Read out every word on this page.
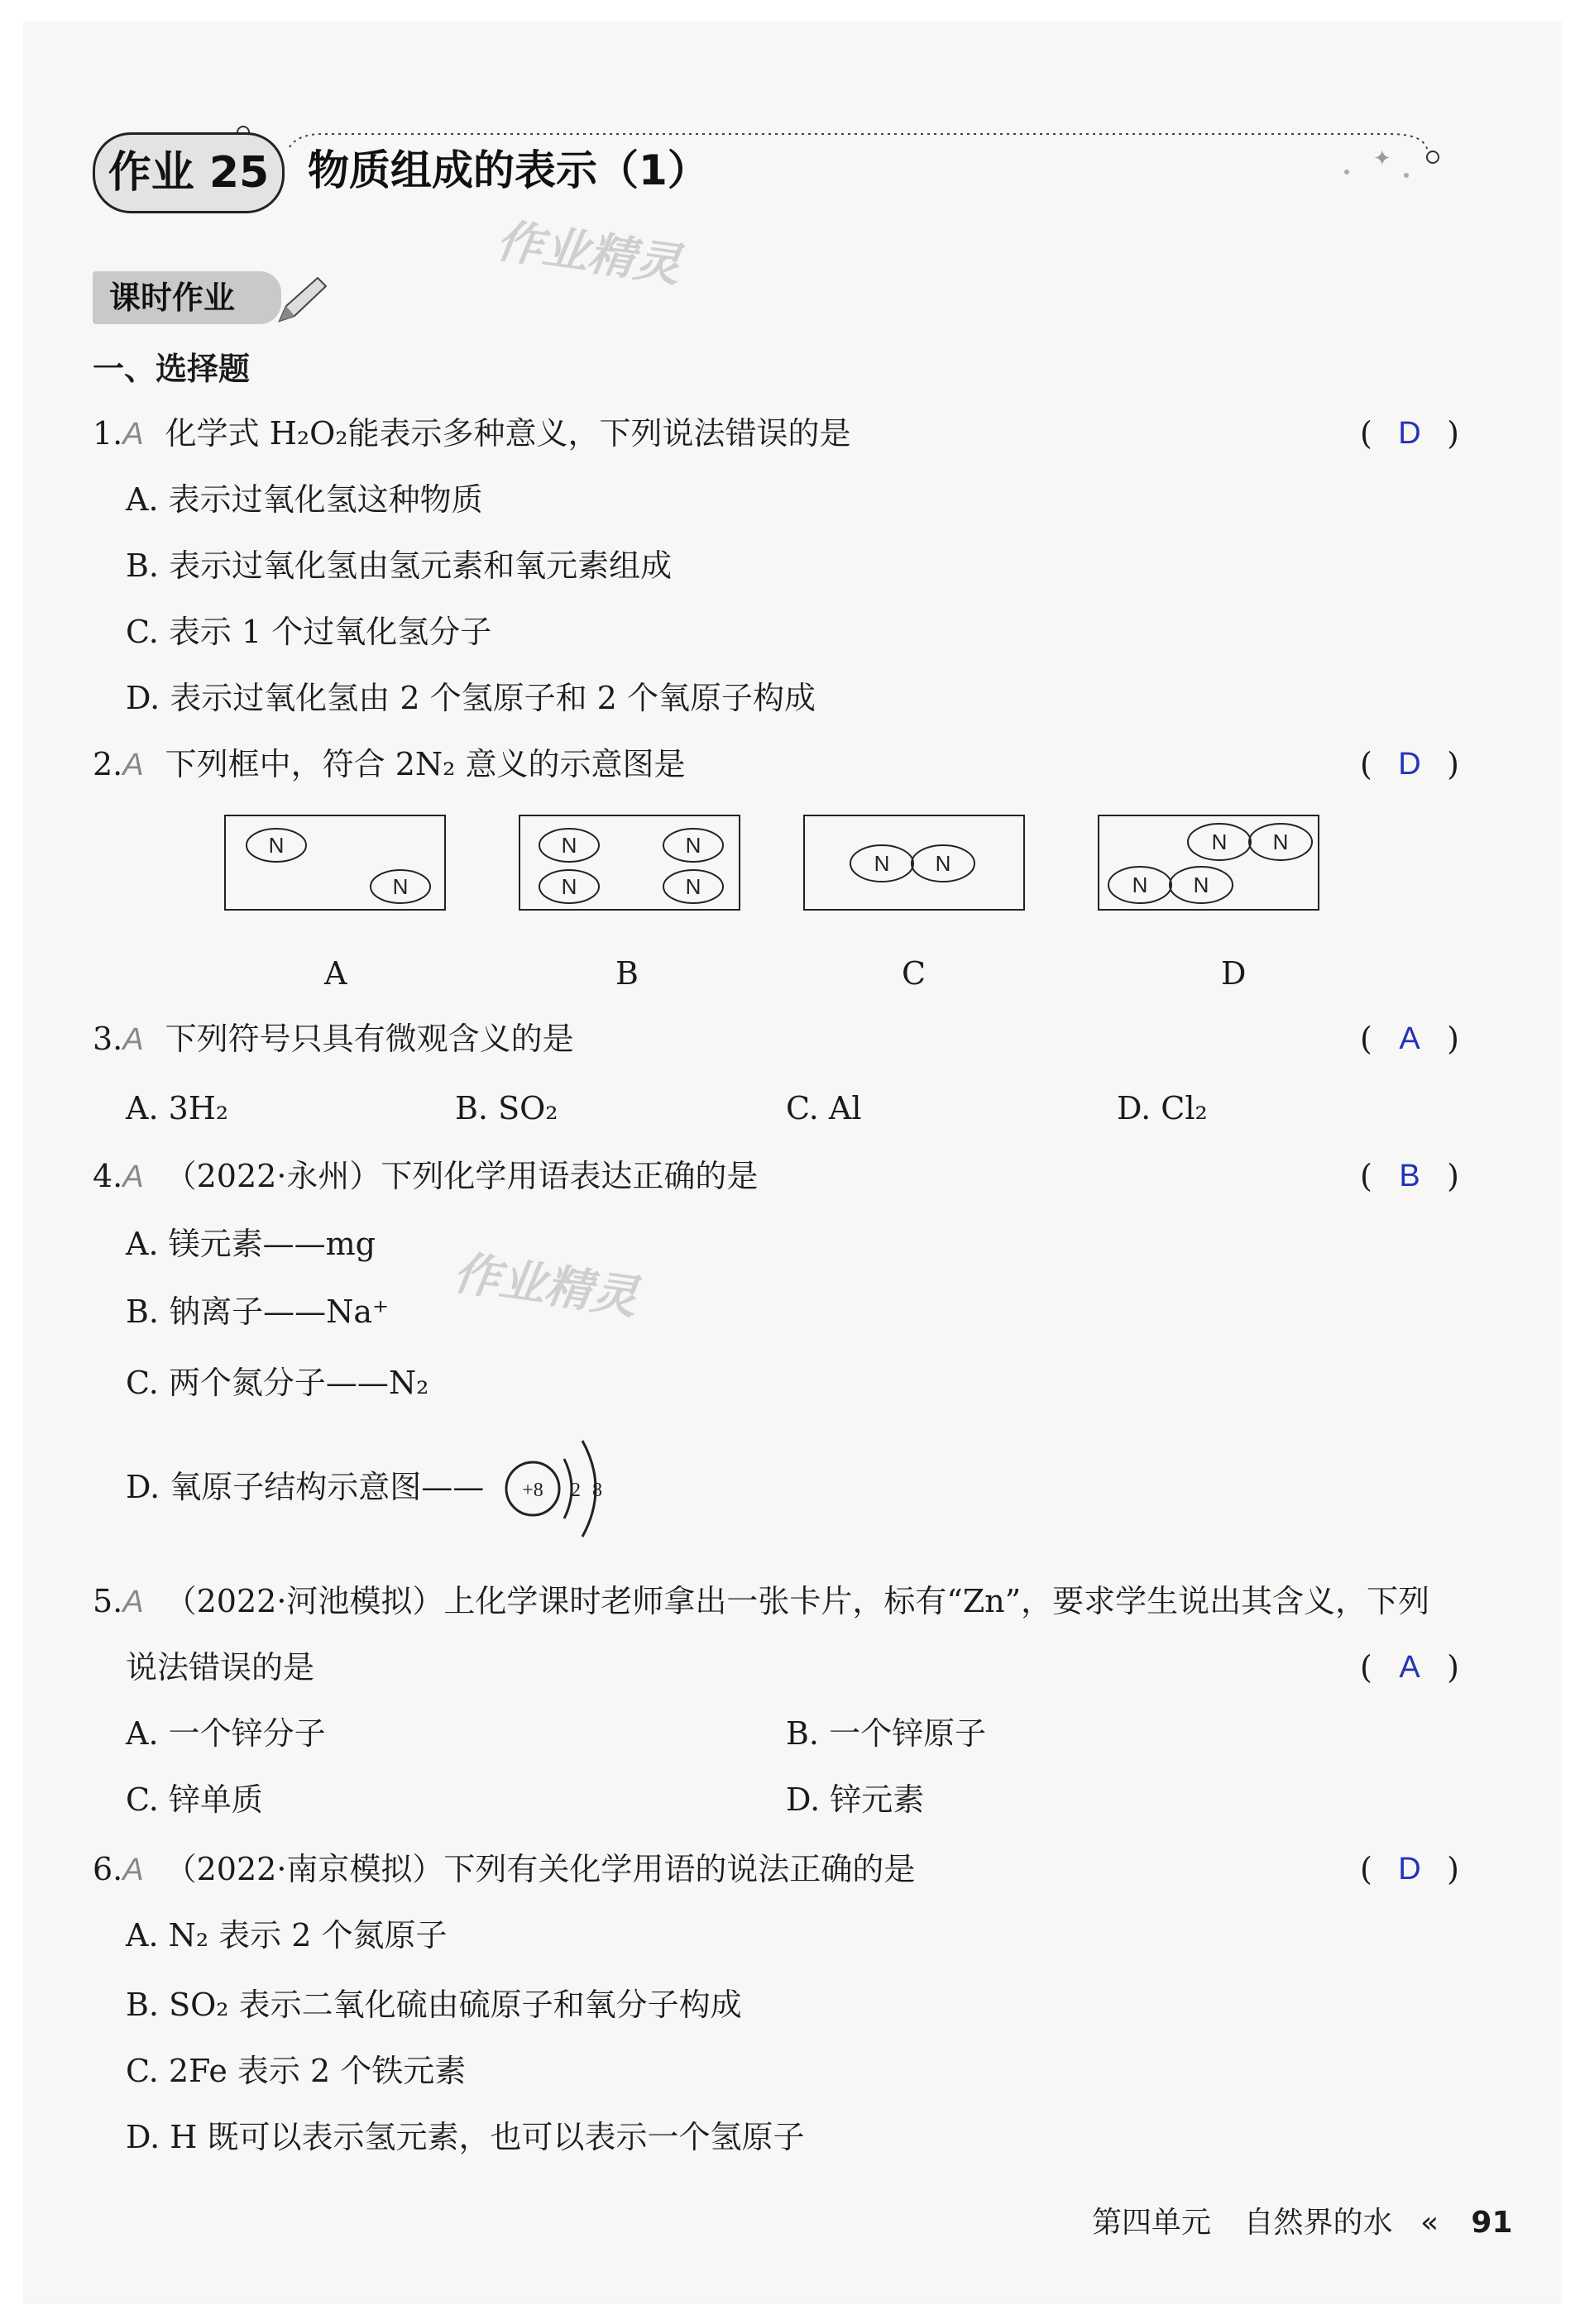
✦
作业 25 物质组成的表示（1）
作业精灵
课时作业
一、选择题
1.A 化学式 H₂O₂能表示多种意义，下列说法错误的是	( D )
A. 表示过氧化氢这种物质
B. 表示过氧化氢由氢元素和氧元素组成
C. 表示 1 个过氧化氢分子
D. 表示过氧化氢由 2 个氢原子和 2 个氧原子构成
2.A 下列框中，符合 2N₂ 意义的示意图是	( D )
N
N
N	N
N	N
N N
N N
N N
A	B	C	D
3.A 下列符号只具有微观含义的是	( A )
A. 3H₂	B. SO₂	C. Al	D. Cl₂
4.A （2022·永州）下列化学用语表达正确的是	( B )
A. 镁元素——mg
作业精灵
B. 钠离子——Na⁺
C. 两个氮分子——N₂
D. 氧原子结构示意图—— +8 2 8
5.A （2022·河池模拟）上化学课时老师拿出一张卡片，标有“Zn”，要求学生说出其含义，下列
说法错误的是	( A )
A. 一个锌分子	B. 一个锌原子
C. 锌单质	D. 锌元素
6.A （2022·南京模拟）下列有关化学用语的说法正确的是	( D )
A. N₂ 表示 2 个氮原子
B. SO₂ 表示二氧化硫由硫原子和氧分子构成
C. 2Fe 表示 2 个铁元素
D. H 既可以表示氢元素，也可以表示一个氢原子
第四单元 自然界的水 « 91
